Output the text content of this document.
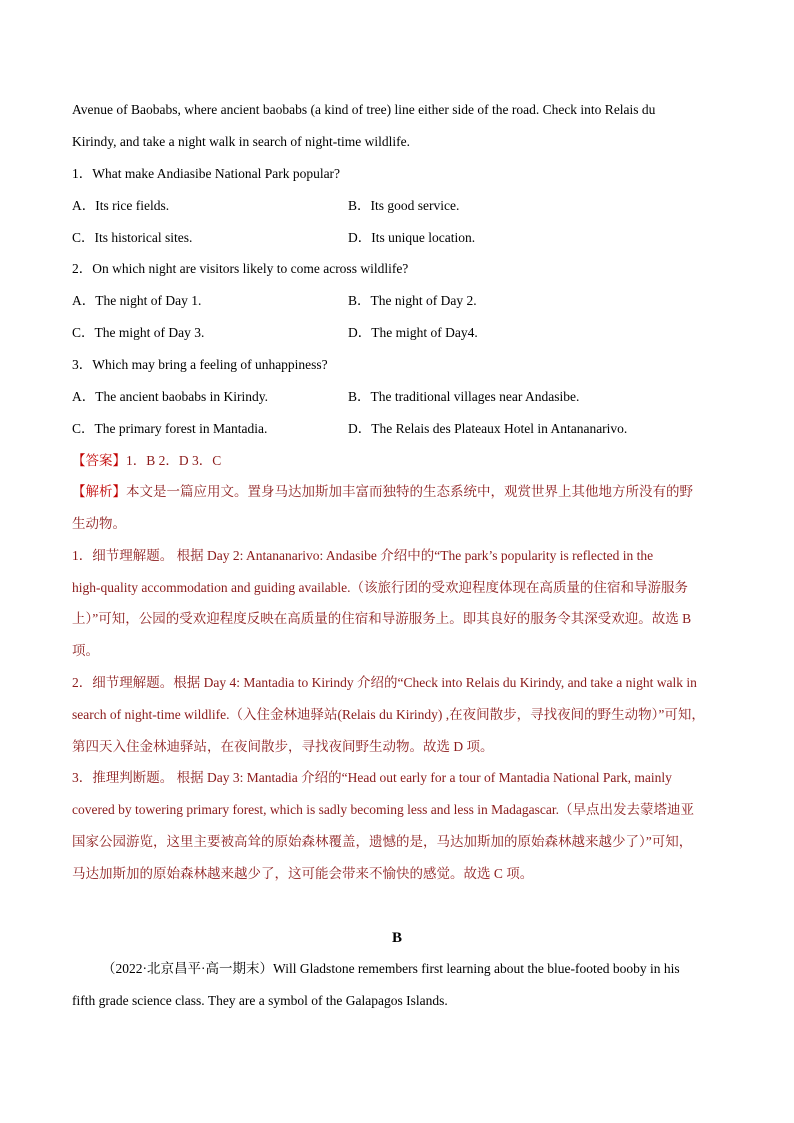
Avenue of Baobabs, where ancient baobabs (a kind of tree) line either side of the road. Check into Relais du
Kirindy, and take a night walk in search of night-time wildlife.
1．What make Andiasibe National Park popular?
A．Its rice fields.	B．Its good service.
C．Its historical sites.	D．Its unique location.
2．On which night are visitors likely to come across wildlife?
A．The night of Day 1.	B．The night of Day 2.
C．The might of Day 3.	D．The might of Day4.
3．Which may bring a feeling of unhappiness?
A．The ancient baobabs in Kirindy.	B．The traditional villages near Andasibe.
C．The primary forest in Mantadia.	D．The Relais des Plateaux Hotel in Antananarivo.
【答案】1．B 2．D 3．C
【解析】本文是一篇应用文。置身马达加斯加丰富而独特的生态系统中，观赏世界上其他地方所没有的野
生动物。
1．细节理解题。 根据 Day 2: Antananarivo: Andasibe 介绍中的“The park’s popularity is reflected in the
high-quality accommodation and guiding available.（该旅行团的受欢迎程度体现在高质量的住宿和导游服务
上）”可知，公园的受欢迎程度反映在高质量的住宿和导游服务上。即其良好的服务令其深受欢迎。故选 B
项。
2．细节理解题。根据 Day 4: Mantadia to Kirindy 介绍的“Check into Relais du Kirindy, and take a night walk in
search of night-time wildlife.（入住金林迪驿站(Relais du Kirindy) ,在夜间散步，寻找夜间的野生动物）”可知，
第四天入住金林迪驿站，在夜间散步，寻找夜间野生动物。故选 D 项。
3．推理判断题。 根据 Day 3: Mantadia 介绍的“Head out early for a tour of Mantadia National Park, mainly
covered by towering primary forest, which is sadly becoming less and less in Madagascar.（早点出发去蒙塔迪亚
国家公园游览，这里主要被高耸的原始森林覆盖，遗憾的是，马达加斯加的原始森林越来越少了）”可知，
马达加斯加的原始森林越来越少了，这可能会带来不愉快的感觉。故选 C 项。
B
（2022·北京昌平·高一期末）Will Gladstone remembers first learning about the blue-footed booby in his
fifth grade science class. They are a symbol of the Galapagos Islands.
